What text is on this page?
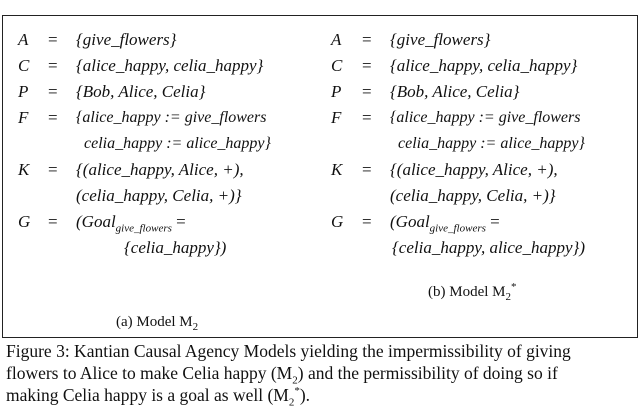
A = {give_flowers}
C = {alice_happy, celia_happy}
P = {Bob, Alice, Celia}
F = {alice_happy := give_flowers
celia_happy := alice_happy}
K = {(alice_happy, Alice, +),
(celia_happy, Celia, +)}
G = (Goal$_{give\_flowers}$ =
{celia_happy})
(a) Model $M_2$
A = {give_flowers}
C = {alice_happy, celia_happy}
P = {Bob, Alice, Celia}
F = {alice_happy := give_flowers
celia_happy := alice_happy}
K = {(alice_happy, Alice, +),
(celia_happy, Celia, +)}
G = (Goal$_{give\_flowers}$ =
{celia_happy, alice_happy})
(b) Model $M_2^*$
Figure 3: Kantian Causal Agency Models yielding the impermissibility of giving
flowers to Alice to make Celia happy $(M_2)$ and the permissibility of doing so if
making Celia happy is a goal as well $(M_2^*)$.
